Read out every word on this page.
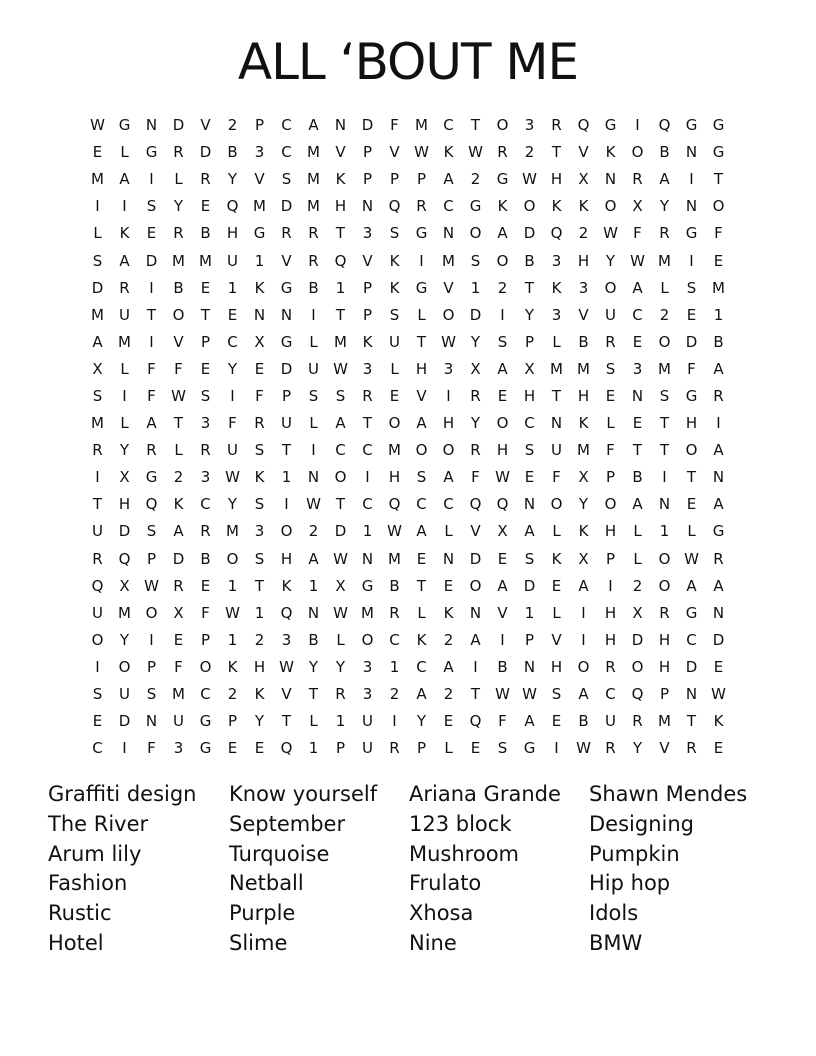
ALL ‘BOUT ME
W G	N	D	V	2	P	C	A	N	D	F	M	C	T	O	3	R	Q	G	I	Q	G	G
E	L	G	R	D	B	3	C	M	V	P	V W K W R	2	T	V	K	O	B	N	G
M	A	I	L	R	Y	V	S	M	K	P	P	P	A	2	G W H	X	N	R	A	I	T
I	I	S	Y	E	Q M D M H	N	Q	R	C	G	K	O	K	K	O	X	Y	N	O
L	K	E	R	B	H	G	R	R	T	3	S	G	N	O	A	D	Q	2 W	F	R	G	F
S	A	D M M	U	1	V	R	Q	V	K	I	M	S	O	B	3	H	Y	W M	I	E
D	R	I	B	E	1	K	G	B	1	P	K	G	V	1	2	T	K	3	O	A	L	S	M
M	U	T	O	T	E	N	N	I	T	P	S	L	O	D	I	Y	3	V	U	C	2	E	1
A	M	I	V	P	C	X	G	L	M	K	U	T	W Y	S	P	L	B	R	E	O	D	B
X	L	F	F	E	Y	E	D	U W 3	L	H	3	X	A	X	M M	S	3	M	F	A
S	I	F	W S	I	F	P	S	S	R	E	V	I	R	E	H	T	H	E	N	S	G	R
M	L	A	T	3	F	R	U	L	A	T	O	A	H	Y	O	C	N	K	L	E	T	H	I
R	Y	R	L	R	U	S	T	I	C	C	M O	O	R	H	S	U	M	F	T	T	O	A
I	X	G	2	3 W K	1	N	O	I	H	S	A	F	W E	F	X	P	B	I	T	N
T	H	Q	K	C	Y	S	I	W T	C	Q	C	C	Q	Q	N	O	Y	O	A	N	E	A
U	D	S	A	R	M	3	O	2	D	1 W A	L	V	X	A	L	K	H	L	1	L	G
R	Q	P	D	B	O	S	H	A W N M	E	N	D	E	S	K	X	P	L	O W R
Q	X W R	E	1	T	K	1	X	G	B	T	E	O	A	D	E	A	I	2	O	A	A
U	M O	X	F	W 1	Q	N W M	R	L	K	N	V	1	L	I	H	X	R	G	N
O	Y	I	E	P	1	2	3	B	L	O	C	K	2	A	I	P	V	I	H	D	H	C	D
I	O	P	F	O	K	H W Y	Y	3	1	C	A	I	B	N	H	O	R	O	H	D	E
S	U	S	M	C	2	K	V	T	R	3	2	A	2	T	W W S	A	C	Q	P	N W
E	D	N	U	G	P	Y	T	L	1	U	I	Y	E	Q	F	A	E	B	U	R	M	T	K
C	I	F	3	G	E	E	Q	1	P	U	R	P	L	E	S	G	I	W R	Y	V	R	E
Graffiti design
The River
Arum lily
Fashion
Rustic
Hotel
Know yourself
September
Turquoise
Netball
Purple
Slime
Ariana Grande
123 block
Mushroom
Frulato
Xhosa
Nine
Shawn Mendes
Designing
Pumpkin
Hip hop
Idols
BMW
